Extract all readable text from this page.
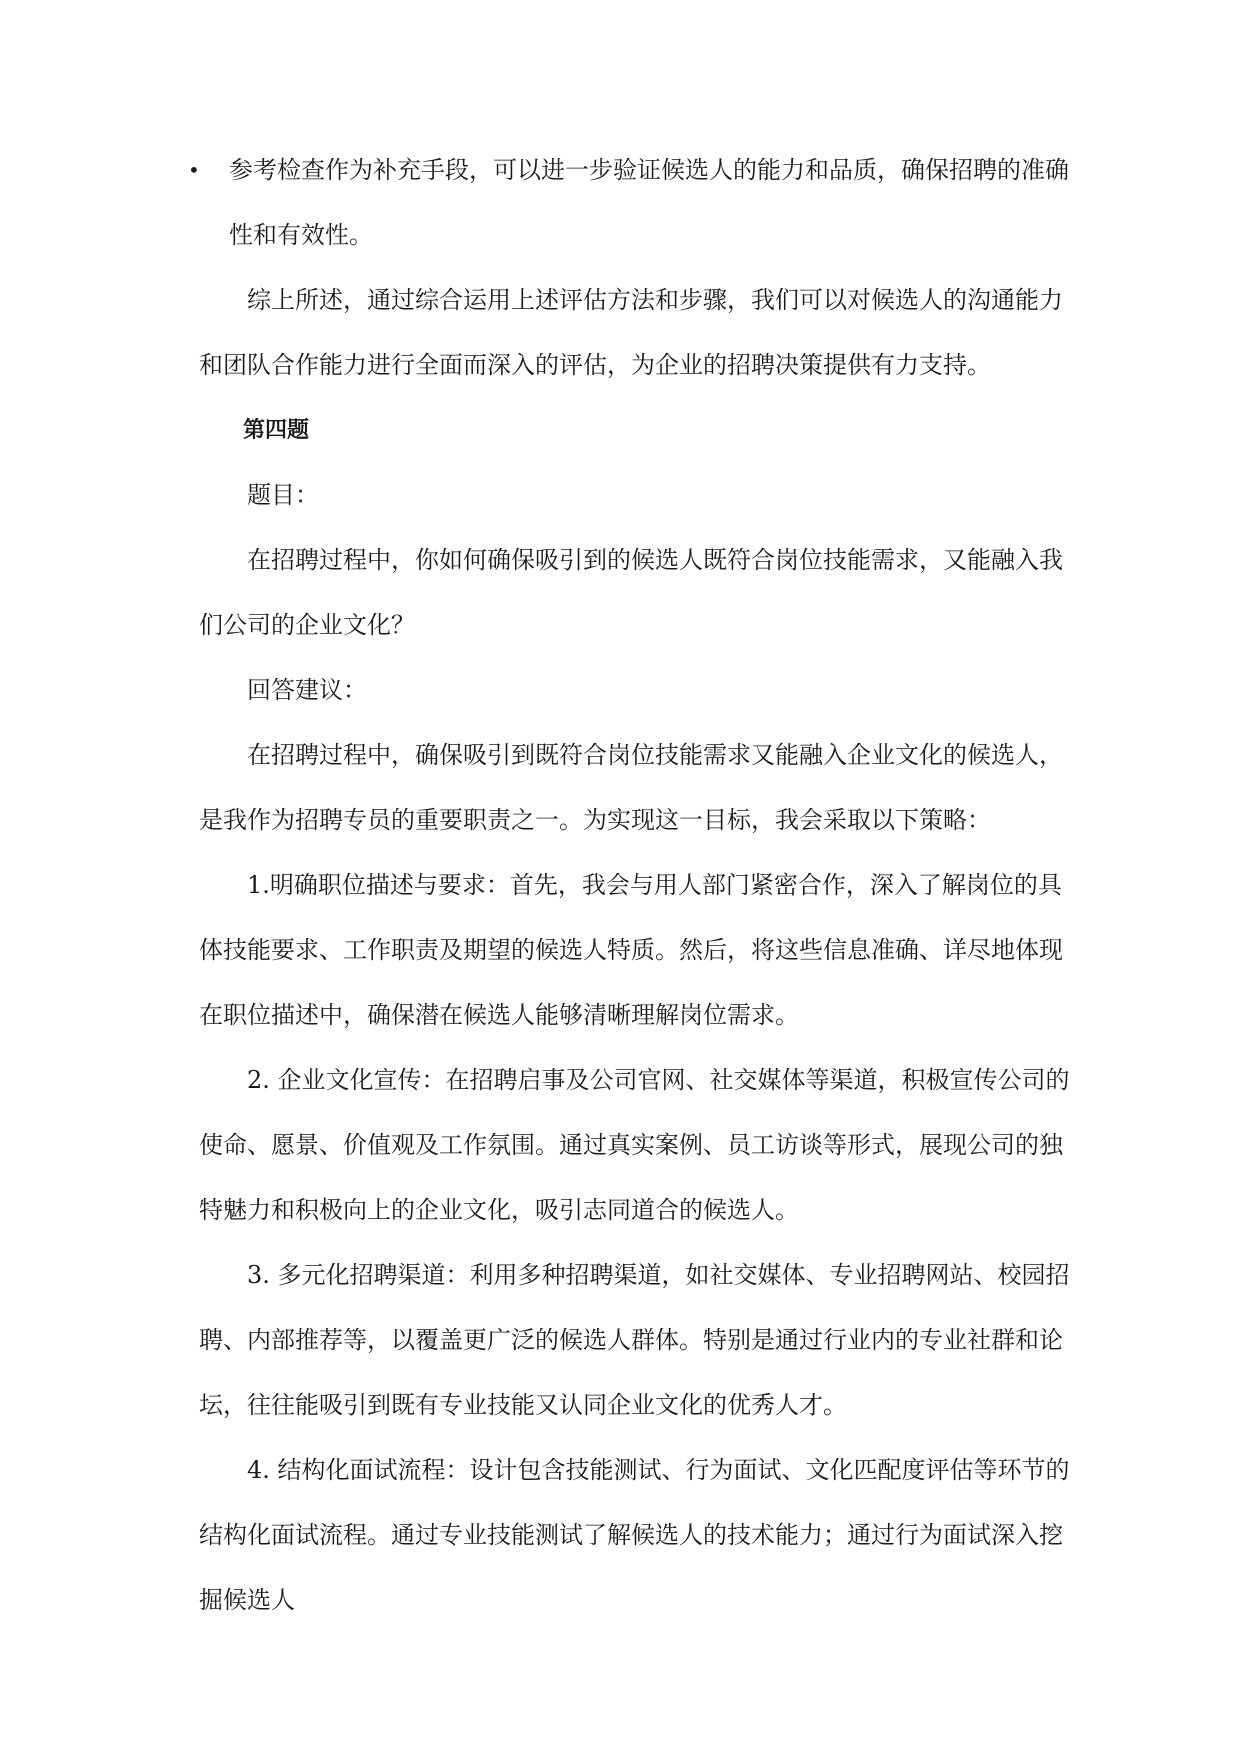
• 参考检查作为补充手段，可以进一步验证候选人的能力和品质，确保招聘的准确性和有效性。

综上所述，通过综合运用上述评估方法和步骤，我们可以对候选人的沟通能力和团队合作能力进行全面而深入的评估，为企业的招聘决策提供有力支持。

第四题

题目：

在招聘过程中，你如何确保吸引到的候选人既符合岗位技能需求，又能融入我们公司的企业文化？

回答建议：

在招聘过程中，确保吸引到既符合岗位技能需求又能融入企业文化的候选人，是我作为招聘专员的重要职责之一。为实现这一目标，我会采取以下策略：

1.明确职位描述与要求：首先，我会与用人部门紧密合作，深入了解岗位的具体技能要求、工作职责及期望的候选人特质。然后，将这些信息准确、详尽地体现在职位描述中，确保潜在候选人能够清晰理解岗位需求。

2. 企业文化宣传：在招聘启事及公司官网、社交媒体等渠道，积极宣传公司的使命、愿景、价值观及工作氛围。通过真实案例、员工访谈等形式，展现公司的独特魅力和积极向上的企业文化，吸引志同道合的候选人。

3. 多元化招聘渠道：利用多种招聘渠道，如社交媒体、专业招聘网站、校园招聘、内部推荐等，以覆盖更广泛的候选人群体。特别是通过行业内的专业社群和论坛，往往能吸引到既有专业技能又认同企业文化的优秀人才。

4. 结构化面试流程：设计包含技能测试、行为面试、文化匹配度评估等环节的结构化面试流程。通过专业技能测试了解候选人的技术能力；通过行为面试深入挖掘候选人
